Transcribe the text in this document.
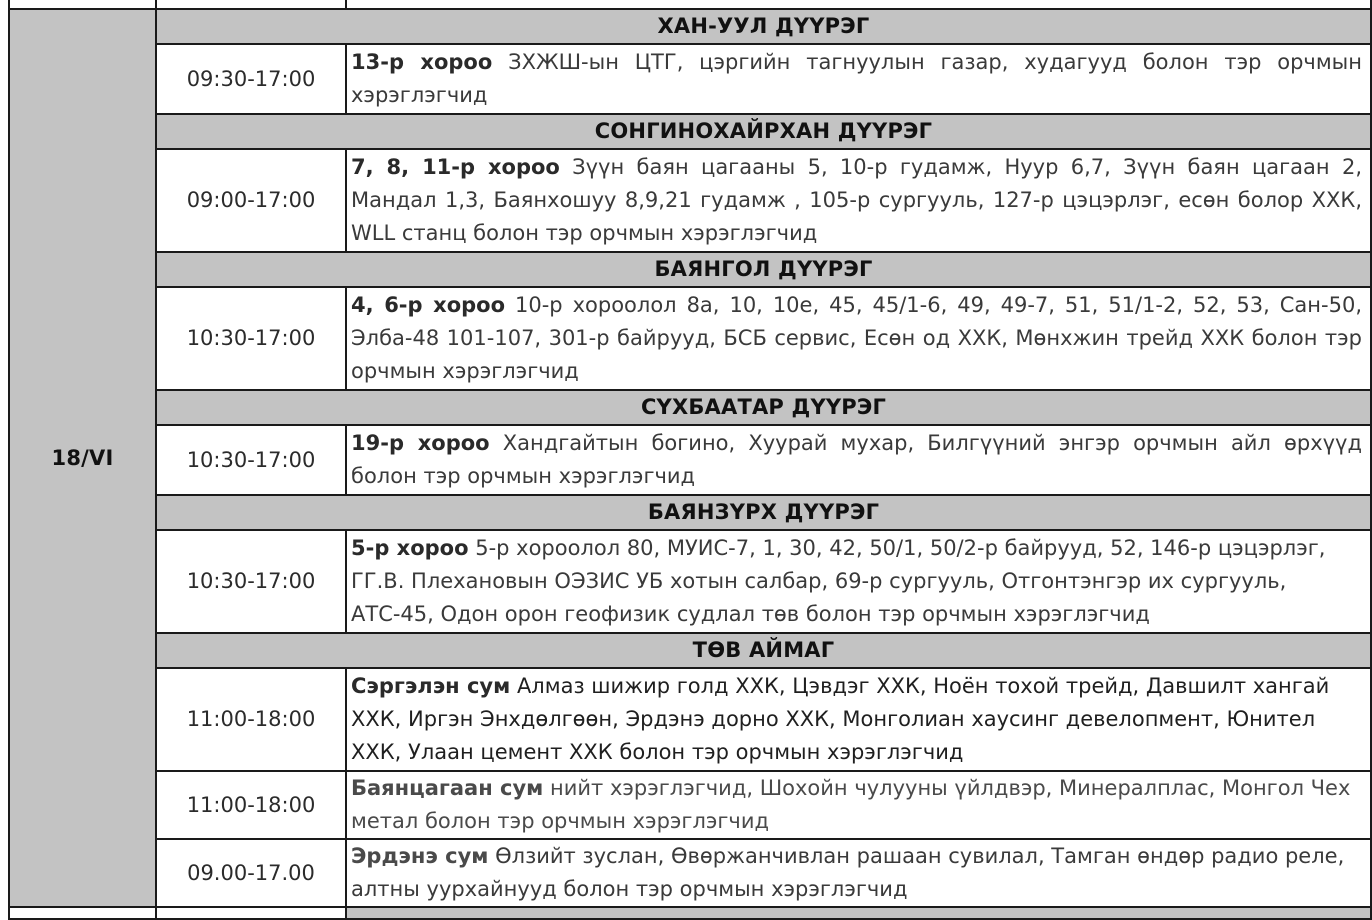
18/VI	ХАН-УУЛ ДҮҮРЭГ	
	09:30-17:00	13-р хороо ЗХЖШ-ын ЦТГ, цэргийн тагнуулын газар, худагууд болон тэр орчмын хэрэглэгчид
	СОНГИНОХАЙРХАН ДҮҮРЭГ	
	09:00-17:00	7, 8, 11-р хороо Зүүн баян цагааны 5, 10-р гудамж, Нуур 6,7, Зүүн баян цагаан 2, Мандал 1,3, Баянхошуу 8,9,21 гудамж , 105-р сургууль, 127-р цэцэрлэг, есөн болор ХХК, WLL станц болон тэр орчмын хэрэглэгчид
	БАЯНГОЛ ДҮҮРЭГ	
	10:30-17:00	4, 6-р хороо 10-р хороолол 8а, 10, 10е, 45, 45/1-6, 49, 49-7, 51, 51/1-2, 52, 53, Сан-50, Элба-48 101-107, 301-р байрууд, БСБ сервис, Есөн од ХХК, Мөнхжин трейд ХХК болон тэр орчмын хэрэглэгчид
	СҮХБААТАР ДҮҮРЭГ	
	10:30-17:00	19-р хороо Хандгайтын богино, Хуурай мухар, Билгүүний энгэр орчмын айл өрхүүд болон тэр орчмын хэрэглэгчид
	БАЯНЗҮРХ ДҮҮРЭГ	
	10:30-17:00	5-р хороо 5-р хороолол 80, МУИС-7, 1, 30, 42, 50/1, 50/2-р байрууд, 52, 146-р цэцэрлэг, ГГ.В. Плехановын ОЭЗИС УБ хотын салбар, 69-р сургууль, Отгонтэнгэр их сургууль, АТС-45, Одон орон геофизик судлал төв болон тэр орчмын хэрэглэгчид
	ТӨВ АЙМАГ	
	11:00-18:00	Сэргэлэн сум Алмаз шижир голд ХХК, Цэвдэг ХХК, Ноён тохой трейд, Давшилт хангай ХХК, Иргэн Энхдөлгөөн, Эрдэнэ дорно ХХК, Монголиан хаусинг девелопмент, Юнител ХХК, Улаан цемент ХХК болон тэр орчмын хэрэглэгчид
	11:00-18:00	Баянцагаан сум нийт хэрэглэгчид, Шохойн чулууны үйлдвэр, Минералплас, Монгол Чех метал болон тэр орчмын хэрэглэгчид
	09.00-17.00	Эрдэнэ сум Өлзийт зуслан, Өвөржанчивлан рашаан сувилал, Тамган өндөр радио реле, алтны уурхайнууд болон тэр орчмын хэрэглэгчид
